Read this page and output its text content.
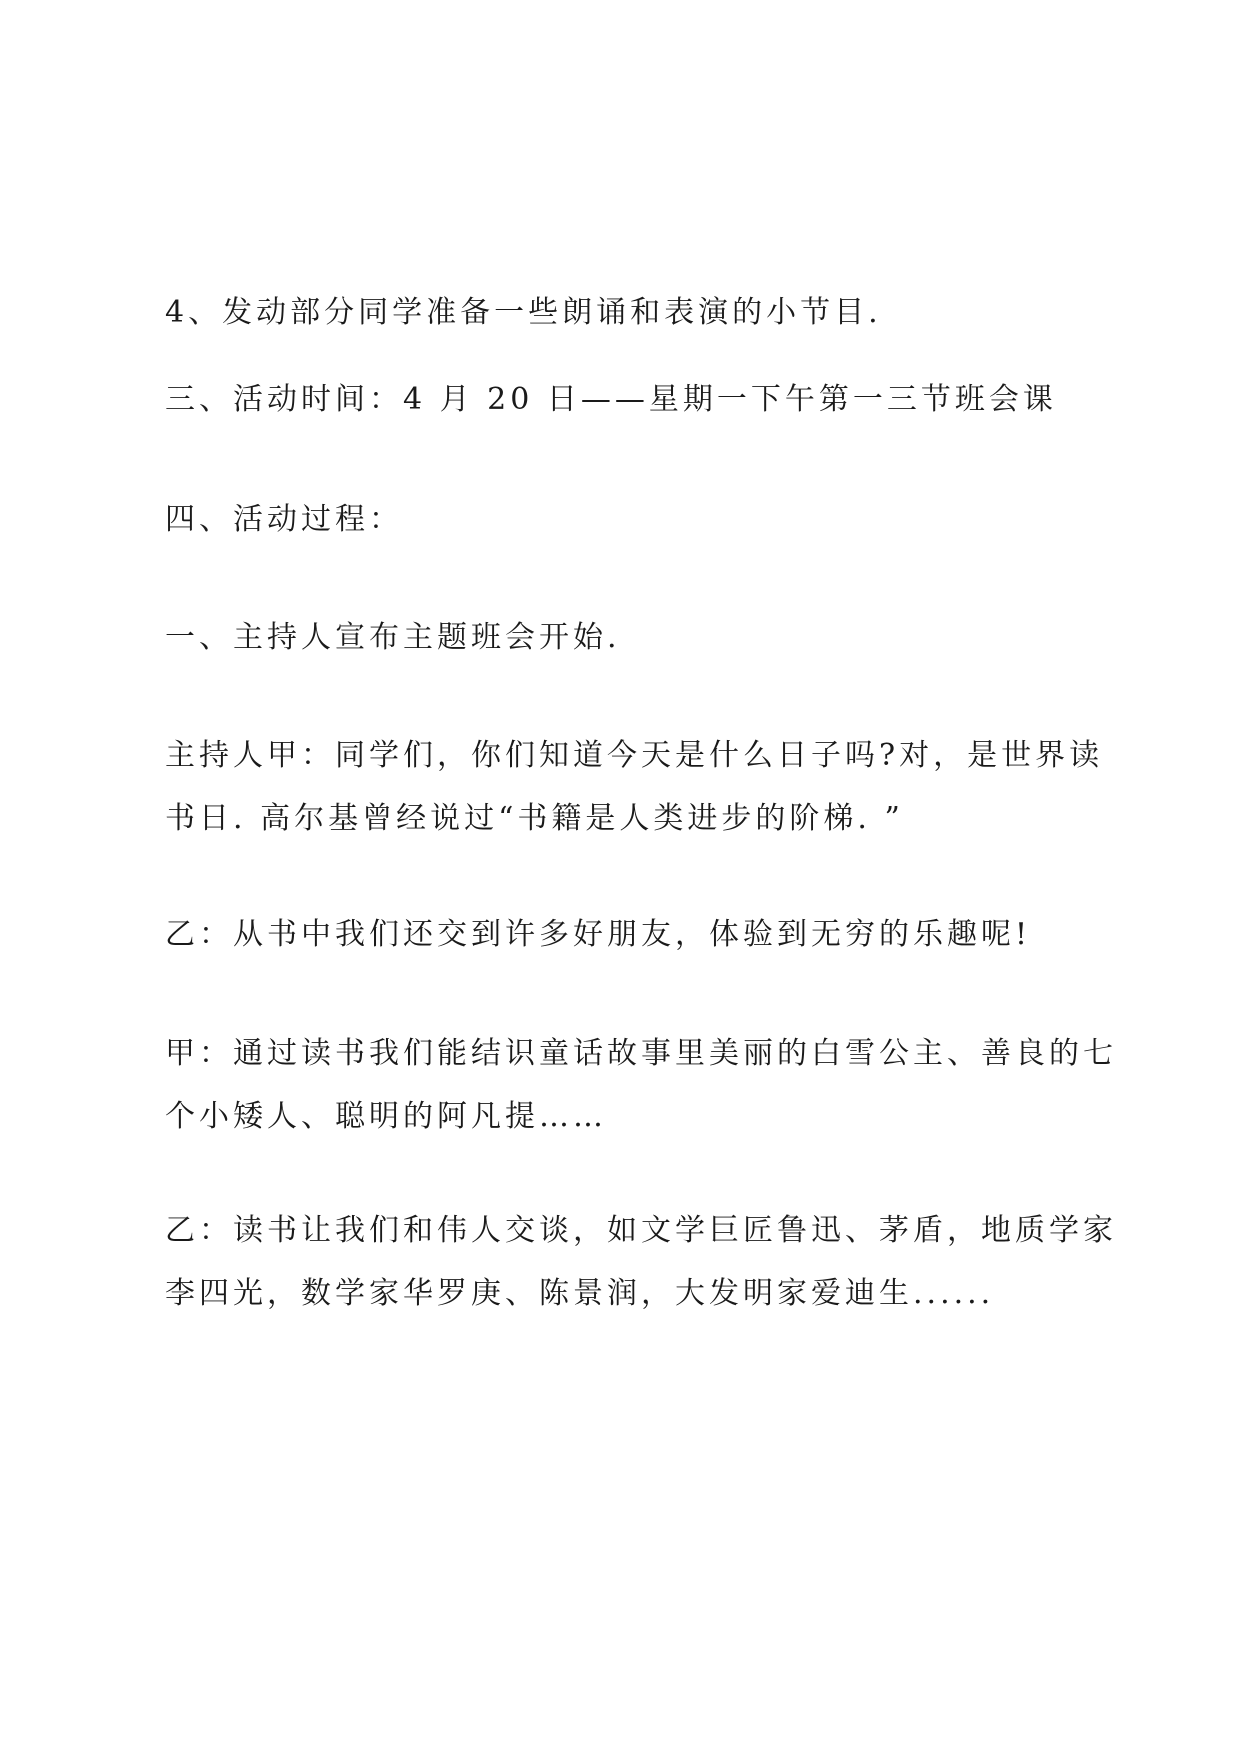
4、发动部分同学准备一些朗诵和表演的小节目.
三、活动时间：4 月 20 日——星期一下午第一三节班会课
四、活动过程：
一、主持人宣布主题班会开始.
主持人甲：同学们，你们知道今天是什么日子吗?对，是世界读
书日. 高尔基曾经说过“书籍是人类进步的阶梯. ”
乙：从书中我们还交到许多好朋友，体验到无穷的乐趣呢!
甲：通过读书我们能结识童话故事里美丽的白雪公主、善良的七
个小矮人、聪明的阿凡提……
乙：读书让我们和伟人交谈，如文学巨匠鲁迅、茅盾，地质学家
李四光，数学家华罗庚、陈景润，大发明家爱迪生......
